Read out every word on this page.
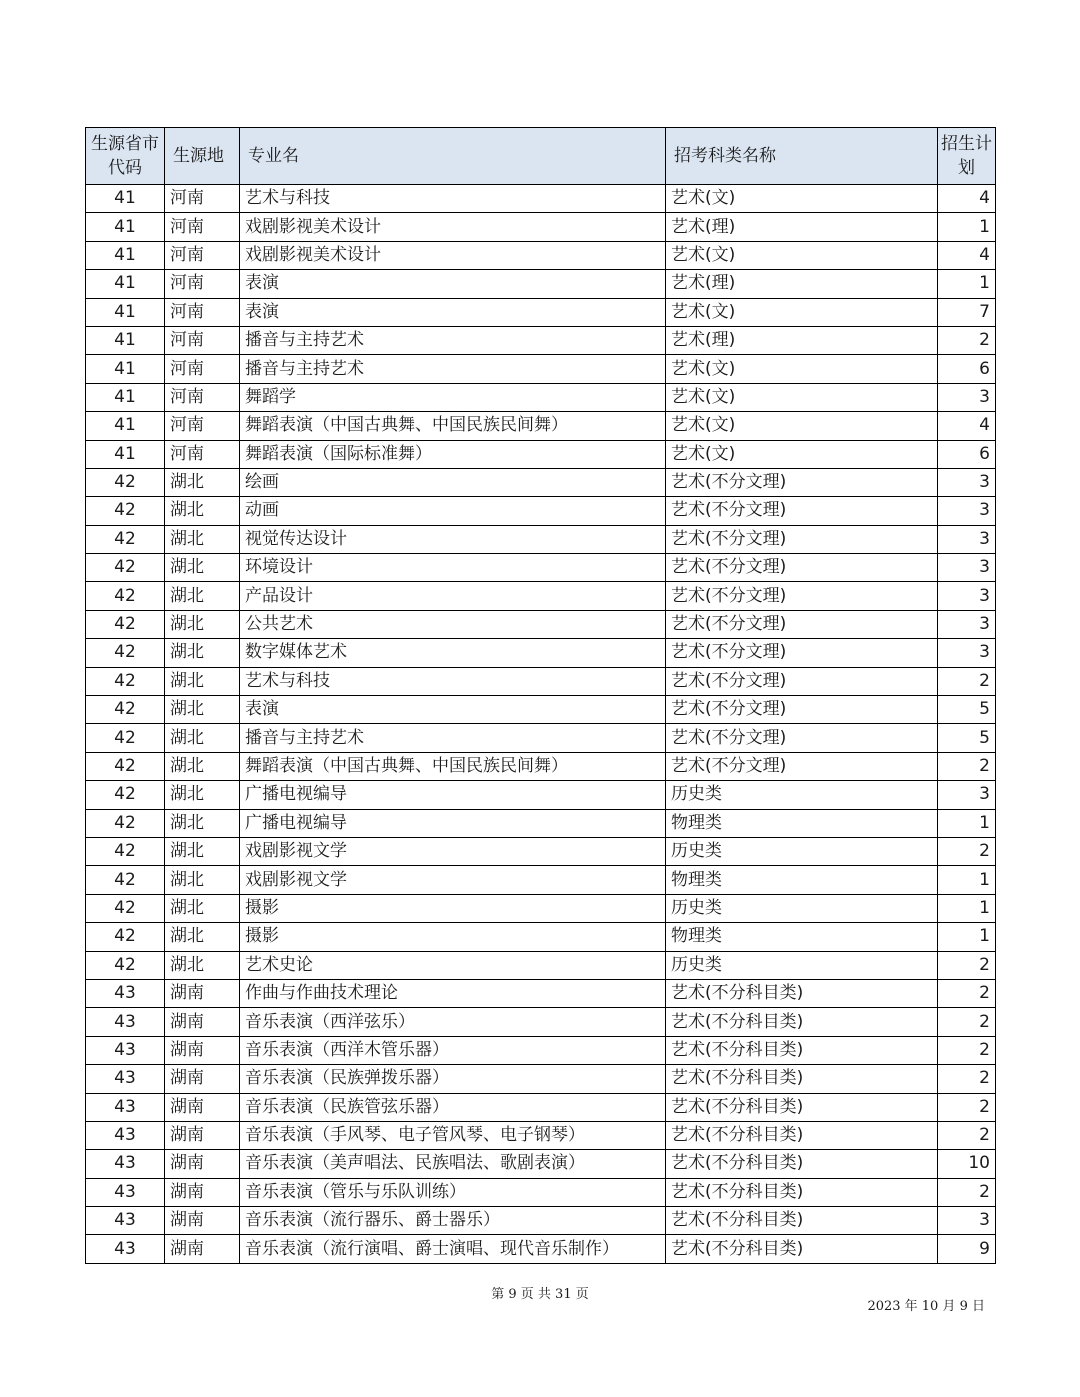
生源省市代码	生源地	专业名	招考科类名称	招生计划
41	河南	艺术与科技	艺术(文)	4
41	河南	戏剧影视美术设计	艺术(理)	1
41	河南	戏剧影视美术设计	艺术(文)	4
41	河南	表演	艺术(理)	1
41	河南	表演	艺术(文)	7
41	河南	播音与主持艺术	艺术(理)	2
41	河南	播音与主持艺术	艺术(文)	6
41	河南	舞蹈学	艺术(文)	3
41	河南	舞蹈表演（中国古典舞、中国民族民间舞）	艺术(文)	4
41	河南	舞蹈表演（国际标准舞）	艺术(文)	6
42	湖北	绘画	艺术(不分文理)	3
42	湖北	动画	艺术(不分文理)	3
42	湖北	视觉传达设计	艺术(不分文理)	3
42	湖北	环境设计	艺术(不分文理)	3
42	湖北	产品设计	艺术(不分文理)	3
42	湖北	公共艺术	艺术(不分文理)	3
42	湖北	数字媒体艺术	艺术(不分文理)	3
42	湖北	艺术与科技	艺术(不分文理)	2
42	湖北	表演	艺术(不分文理)	5
42	湖北	播音与主持艺术	艺术(不分文理)	5
42	湖北	舞蹈表演（中国古典舞、中国民族民间舞）	艺术(不分文理)	2
42	湖北	广播电视编导	历史类	3
42	湖北	广播电视编导	物理类	1
42	湖北	戏剧影视文学	历史类	2
42	湖北	戏剧影视文学	物理类	1
42	湖北	摄影	历史类	1
42	湖北	摄影	物理类	1
42	湖北	艺术史论	历史类	2
43	湖南	作曲与作曲技术理论	艺术(不分科目类)	2
43	湖南	音乐表演（西洋弦乐）	艺术(不分科目类)	2
43	湖南	音乐表演（西洋木管乐器）	艺术(不分科目类)	2
43	湖南	音乐表演（民族弹拨乐器）	艺术(不分科目类)	2
43	湖南	音乐表演（民族管弦乐器）	艺术(不分科目类)	2
43	湖南	音乐表演（手风琴、电子管风琴、电子钢琴）	艺术(不分科目类)	2
43	湖南	音乐表演（美声唱法、民族唱法、歌剧表演）	艺术(不分科目类)	10
43	湖南	音乐表演（管乐与乐队训练）	艺术(不分科目类)	2
43	湖南	音乐表演（流行器乐、爵士器乐）	艺术(不分科目类)	3
43	湖南	音乐表演（流行演唱、爵士演唱、现代音乐制作）	艺术(不分科目类)	9
第 9 页 共 31 页
2023 年 10 月 9 日
